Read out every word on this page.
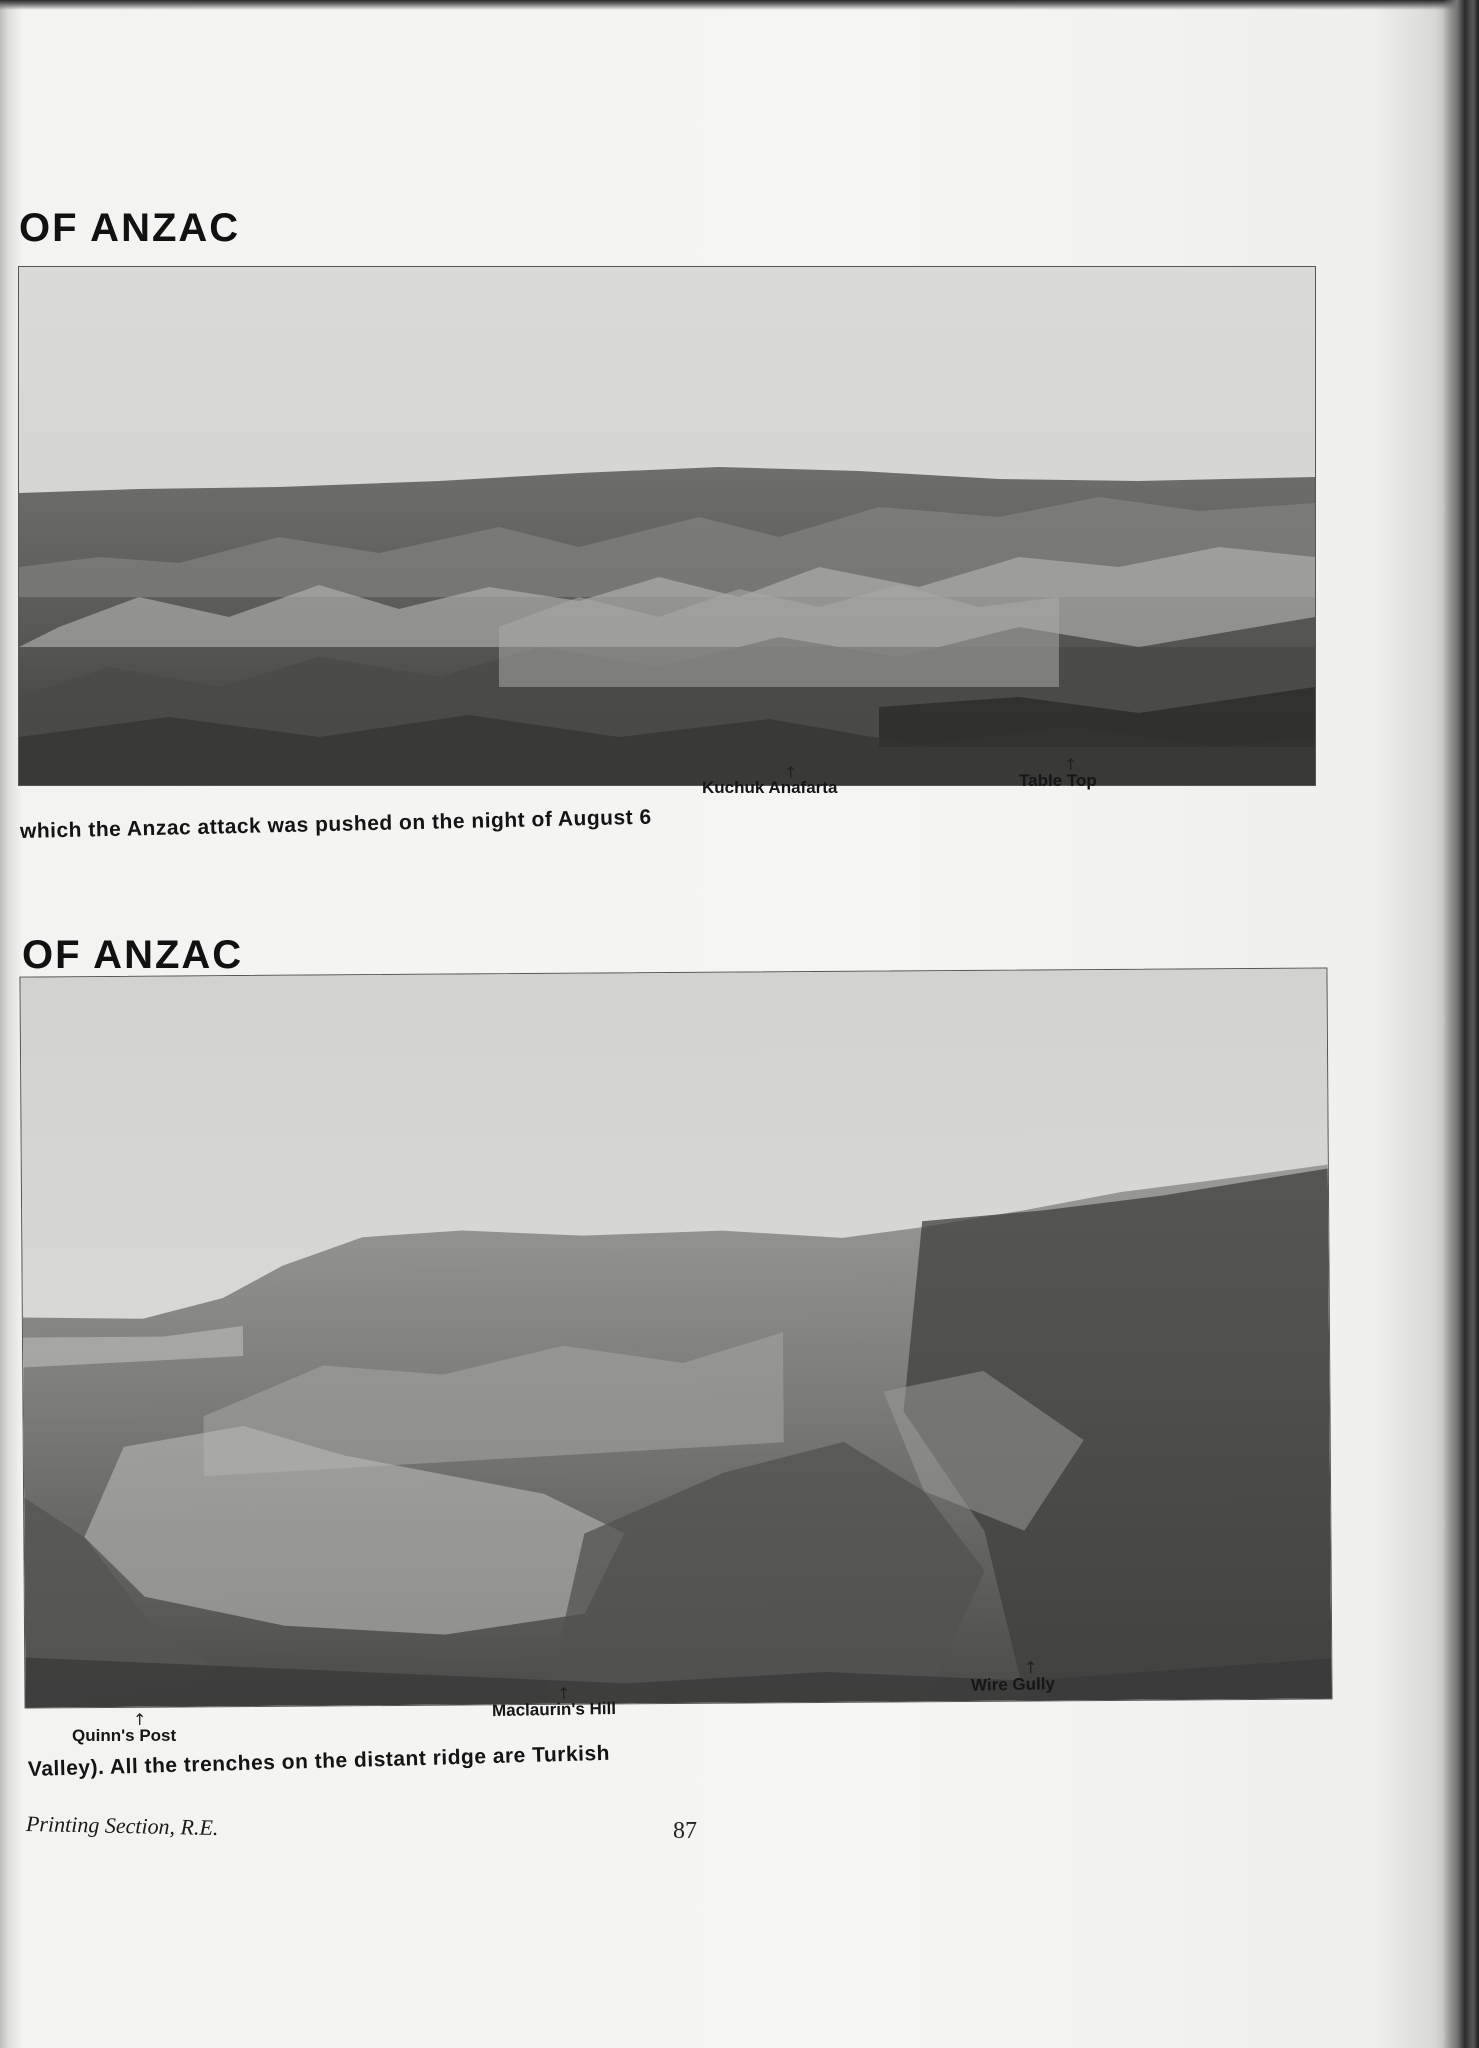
OF ANZAC
↑
Kuchuk Anafarta
↑
Table Top
which the Anzac attack was pushed on the night of August 6
OF ANZAC
↑
Wire Gully
↑
Maclaurin's Hill
↑
Quinn's Post
Valley). All the trenches on the distant ridge are Turkish
Printing Section, R.E.	87
